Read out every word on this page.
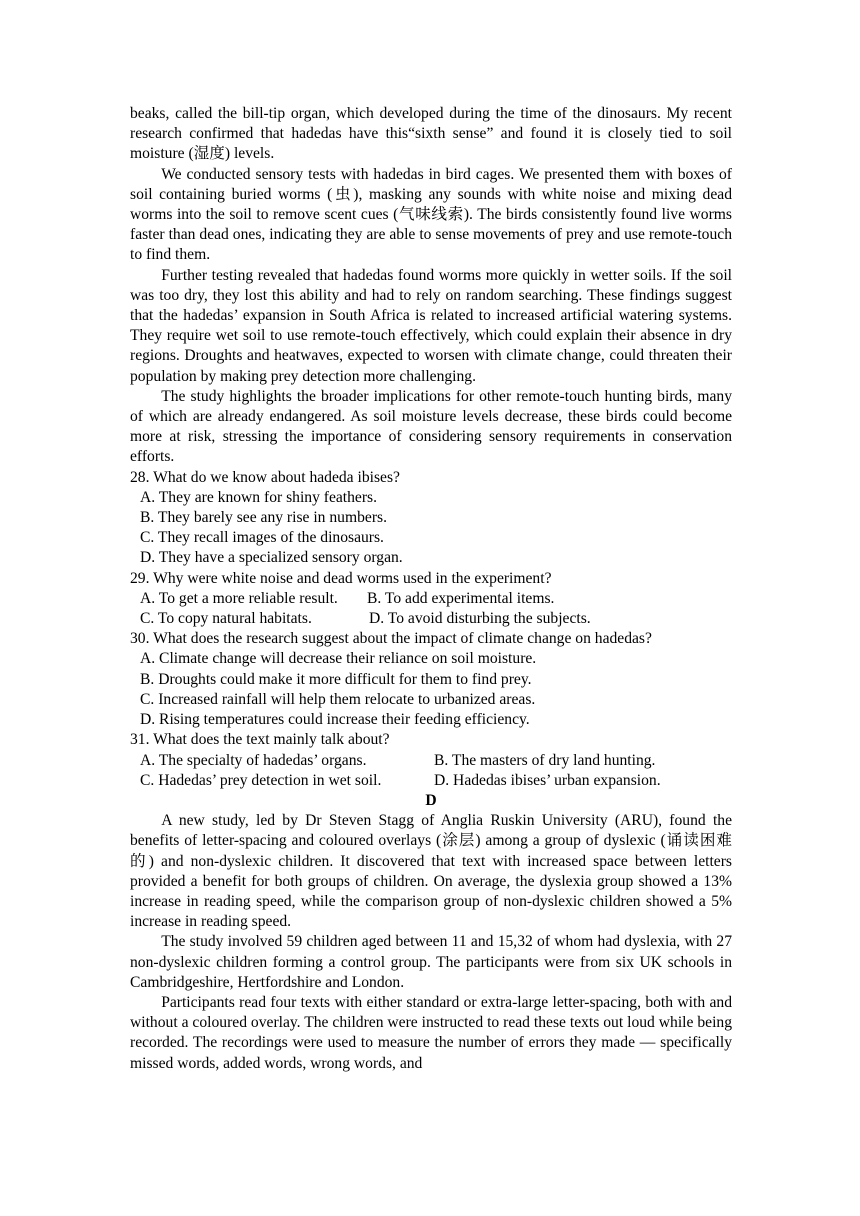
beaks, called the bill-tip organ, which developed during the time of the dinosaurs. My recent research confirmed that hadedas have this“sixth sense” and found it is closely tied to soil moisture (湿度) levels.

We conducted sensory tests with hadedas in bird cages. We presented them with boxes of soil containing buried worms (虫), masking any sounds with white noise and mixing dead worms into the soil to remove scent cues (气味线索). The birds consistently found live worms faster than dead ones, indicating they are able to sense movements of prey and use remote-touch to find them.

Further testing revealed that hadedas found worms more quickly in wetter soils. If the soil was too dry, they lost this ability and had to rely on random searching. These findings suggest that the hadedas’ expansion in South Africa is related to increased artificial watering systems. They require wet soil to use remote-touch effectively, which could explain their absence in dry regions. Droughts and heatwaves, expected to worsen with climate change, could threaten their population by making prey detection more challenging.

The study highlights the broader implications for other remote-touch hunting birds, many of which are already endangered. As soil moisture levels decrease, these birds could become more at risk, stressing the importance of considering sensory requirements in conservation efforts.

28. What do we know about hadeda ibises?

A. They are known for shiny feathers.

B. They barely see any rise in numbers.

C. They recall images of the dinosaurs.

D. They have a specialized sensory organ.

29. Why were white noise and dead worms used in the experiment?

A. To get a more reliable result.	B. To add experimental items.
C. To copy natural habitats.	D. To avoid disturbing the subjects.

30. What does the research suggest about the impact of climate change on hadedas?

A. Climate change will decrease their reliance on soil moisture.

B. Droughts could make it more difficult for them to find prey.

C. Increased rainfall will help them relocate to urbanized areas.

D. Rising temperatures could increase their feeding efficiency.

31. What does the text mainly talk about?

A. The specialty of hadedas’ organs.	B. The masters of dry land hunting.
C. Hadedas’ prey detection in wet soil.	D. Hadedas ibises’ urban expansion.

D

A new study, led by Dr Steven Stagg of Anglia Ruskin University (ARU), found the benefits of letter-spacing and coloured overlays (涂层) among a group of dyslexic (诵读困难的) and non-dyslexic children. It discovered that text with increased space between letters provided a benefit for both groups of children. On average, the dyslexia group showed a 13% increase in reading speed, while the comparison group of non-dyslexic children showed a 5% increase in reading speed.

The study involved 59 children aged between 11 and 15,32 of whom had dyslexia, with 27 non-dyslexic children forming a control group. The participants were from six UK schools in Cambridgeshire, Hertfordshire and London.

Participants read four texts with either standard or extra-large letter-spacing, both with and without a coloured overlay. The children were instructed to read these texts out loud while being recorded. The recordings were used to measure the number of errors they made — specifically missed words, added words, wrong words, and
